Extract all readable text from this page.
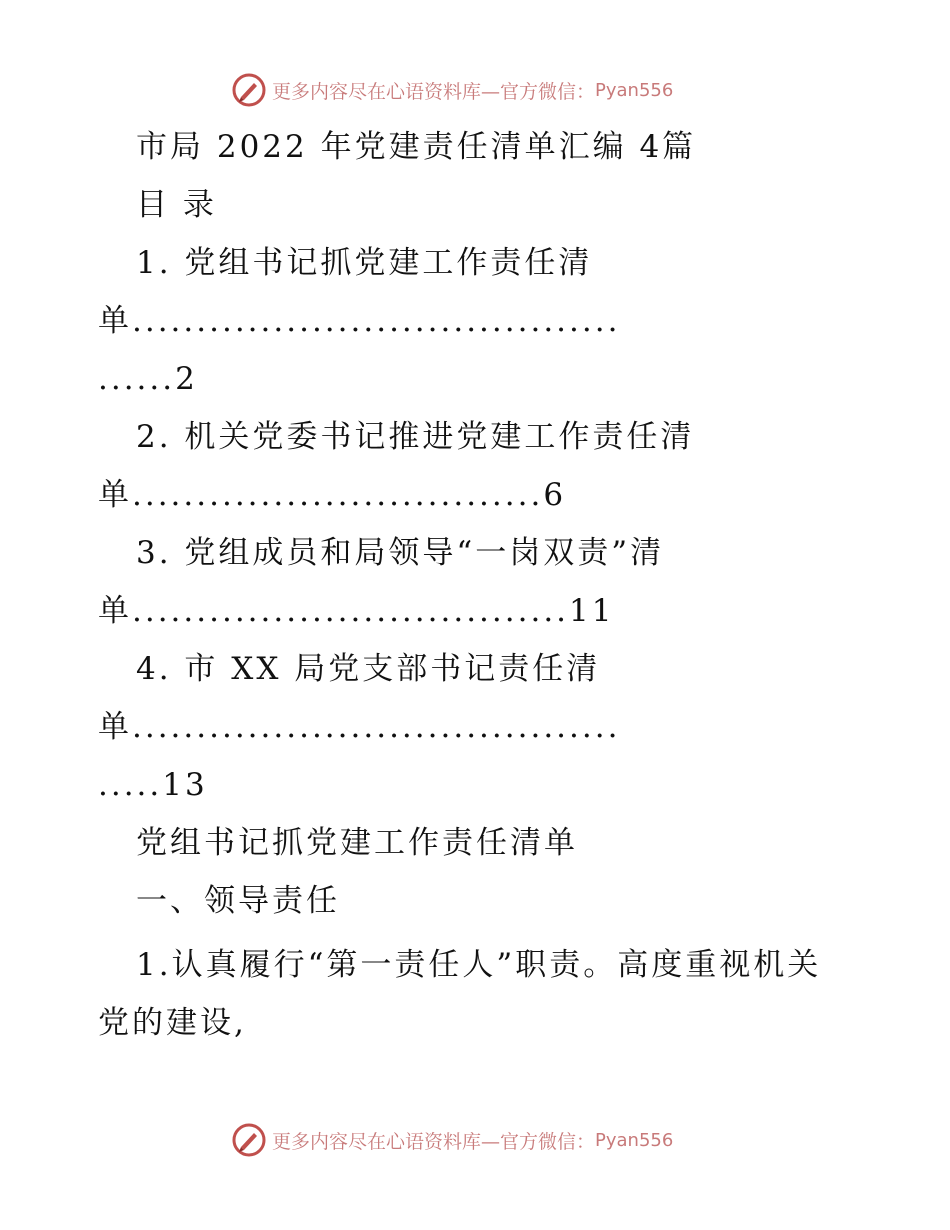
更多内容尽在心语资料库—官方微信： Pyan556
市局 2022 年党建责任清单汇编 4篇
目 录
1. 党组书记抓党建工作责任清
单......................................
......2
2. 机关党委书记推进党建工作责任清
单................................6
3. 党组成员和局领导“一岗双责”清
单..................................11
4. 市 XX 局党支部书记责任清
单......................................
.....13
党组书记抓党建工作责任清单
一、领导责任
1.认真履行“第一责任人”职责。高度重视机关
党的建设,
更多内容尽在心语资料库—官方微信： Pyan556
